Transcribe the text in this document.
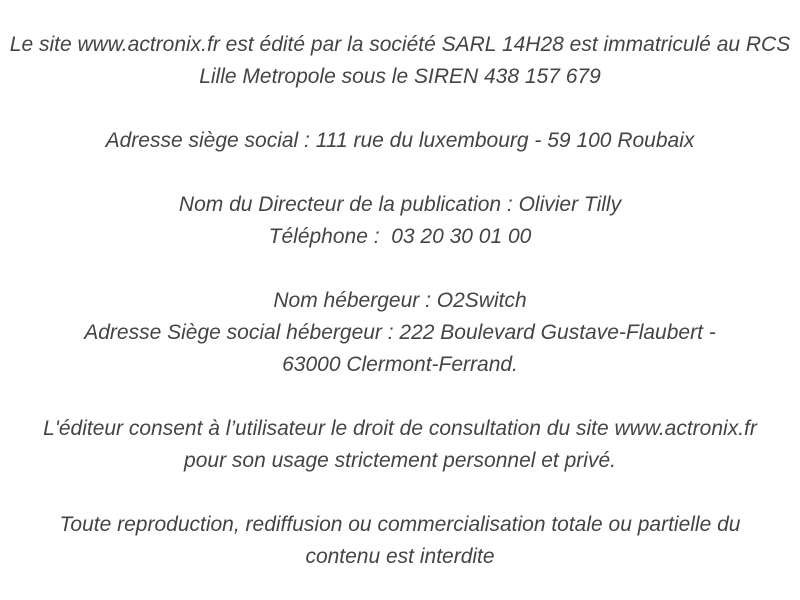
Le site www.actronix.fr est édité par la société SARL 14H28 est immatriculé au RCS
Lille Metropole sous le SIREN 438 157 679

Adresse siège social : 111 rue du luxembourg - 59 100 Roubaix

Nom du Directeur de la publication : Olivier Tilly
Téléphone :  03 20 30 01 00

Nom hébergeur : O2Switch
Adresse Siège social hébergeur : 222 Boulevard Gustave-Flaubert -
63000 Clermont-Ferrand.

L'éditeur consent à l’utilisateur le droit de consultation du site www.actronix.fr
pour son usage strictement personnel et privé.

Toute reproduction, rediffusion ou commercialisation totale ou partielle du
contenu est interdite
